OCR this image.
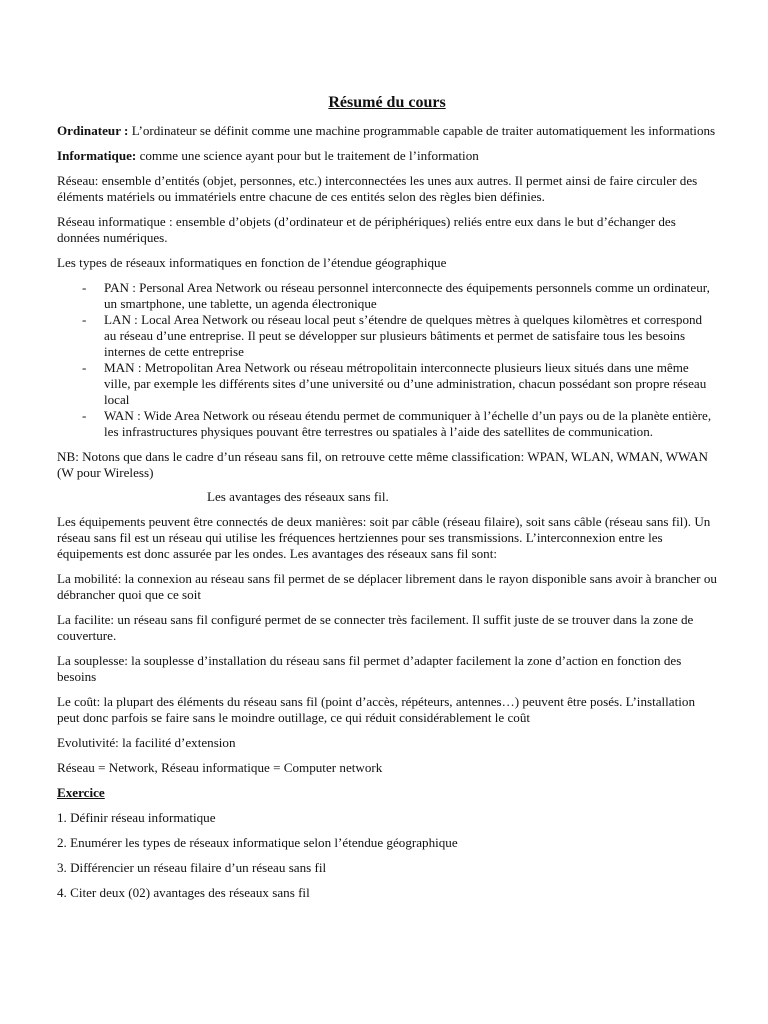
Résumé du cours

Ordinateur : L’ordinateur se définit comme une machine programmable capable de traiter automatiquement les informations

Informatique: comme une science ayant pour but le traitement de l’information

Réseau: ensemble d’entités (objet, personnes, etc.) interconnectées les unes aux autres. Il permet ainsi de faire circuler des éléments matériels ou immatériels entre chacune de ces entités selon des règles bien définies.

Réseau informatique : ensemble d’objets (d’ordinateur et de périphériques) reliés entre eux dans le but d’échanger des données numériques.

Les types de réseaux informatiques en fonction de l’étendue géographique

- PAN : Personal Area Network ou réseau personnel interconnecte des équipements personnels comme un ordinateur, un smartphone, une tablette, un agenda électronique
- LAN : Local Area Network ou réseau local peut s’étendre de quelques mètres à quelques kilomètres et correspond au réseau d’une entreprise. Il peut se développer sur plusieurs bâtiments et permet de satisfaire tous les besoins internes de cette entreprise
- MAN : Metropolitan Area Network ou réseau métropolitain interconnecte plusieurs lieux situés dans une même ville, par exemple les différents sites d’une université ou d’une administration, chacun possédant son propre réseau local
- WAN : Wide Area Network ou réseau étendu permet de communiquer à l’échelle d’un pays ou de la planète entière, les infrastructures physiques pouvant être terrestres ou spatiales à l’aide des satellites de communication.

NB: Notons que dans le cadre d’un réseau sans fil, on retrouve cette même classification: WPAN, WLAN, WMAN, WWAN (W pour Wireless)

Les avantages des réseaux sans fil.

Les équipements peuvent être connectés de deux manières: soit par câble (réseau filaire), soit sans câble (réseau sans fil). Un réseau sans fil est un réseau qui utilise les fréquences hertziennes pour ses transmissions. L’interconnexion entre les équipements est donc assurée par les ondes. Les avantages des réseaux sans fil sont:

La mobilité: la connexion au réseau sans fil permet de se déplacer librement dans le rayon disponible sans avoir à brancher ou débrancher quoi que ce soit

La facilite: un réseau sans fil configuré permet de se connecter très facilement. Il suffit juste de se trouver dans la zone de couverture.

La souplesse: la souplesse d’installation du réseau sans fil permet d’adapter facilement la zone d’action en fonction des besoins

Le coût: la plupart des éléments du réseau sans fil (point d’accès, répéteurs, antennes…) peuvent être posés. L’installation peut donc parfois se faire sans le moindre outillage, ce qui réduit considérablement le coût

Evolutivité: la facilité d’extension

Réseau = Network, Réseau informatique = Computer network

Exercice

1. Définir réseau informatique

2. Enumérer les types de réseaux informatique selon l’étendue géographique

3. Différencier un réseau filaire d’un réseau sans fil

4. Citer deux (02) avantages des réseaux sans fil
